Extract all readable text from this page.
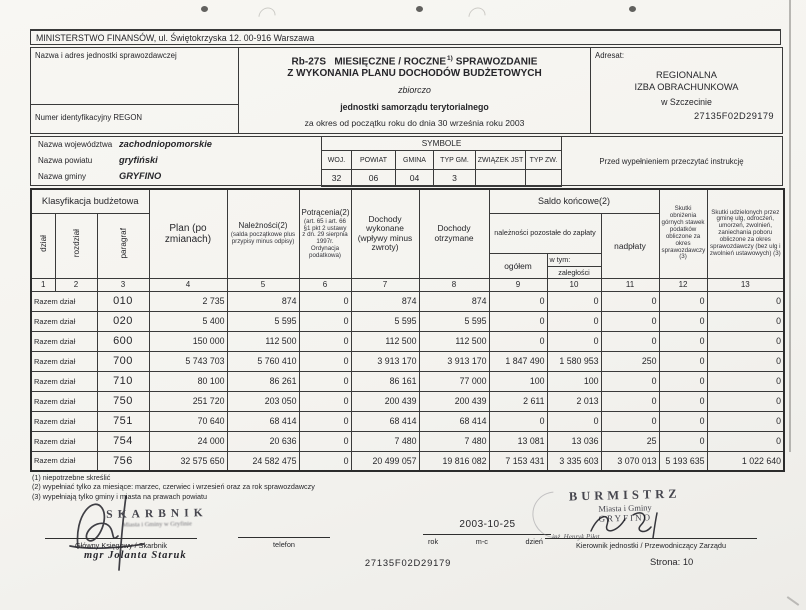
MINISTERSTWO FINANSÓW, ul. Świętokrzyska 12. 00-916 Warszawa
Nazwa i adres jednostki sprawozdawczej
Numer identyfikacyjny REGON
Rb-27S   MIESIĘCZNE / ROCZNE$^{1)}$ SPRAWOZDANIE
Z WYKONANIA PLANU DOCHODÓW BUDŻETOWYCH
zbiorczo
jednostki samorządu terytorialnego
za okres od początku roku do dnia 30 września roku 2003
Adresat:
REGIONALNA
IZBA OBRACHUNKOWA
w Szczecinie
27135F02D29179
Nazwa województwa zachodniopomorskie
Nazwa powiatu	gryfiński
Nazwa gminy	GRYFINO
SYMBOLE					
WOJ.	POWIAT	GMINA	TYP GM.	ZWIĄZEK JST	TYP ZW.
32	06	04	3		
Przed wypełnieniem przeczytać instrukcję
Klasyfikacja budżetowa	Plan (po zmianach)	
Należności(2)
(salda początkowe plus przypisy minus odpisy)

Potrącenia(2)
(art. 65 i art. 66 §1 pkt 2 ustawy z dn. 29 sierpnia 1997r. Ordynacja podatkowa)
	Dochody wykonane (wpływy minus zwroty)	Dochody otrzymane	Saldo końcowe(2)	Skutki obniżenia górnych stawek podatków obliczone za okres sprawozdawczy (3)	Skutki udzielonych przez gminę ulg, odroczeń, umorzeń, zwolnień, zaniechania poboru obliczone za okres sprawozdawczy (bez ulg i zwolnień ustawowych) (3)
dział	rozdział	paragraf						należności pozostałe do zapłaty		nadpłaty		
								ogółem	w tym:			
									zaległości			
1	2	3	4	5	6	7	8	9	10	11	12	13
Razem dział		010	2 735	874	0	874	874	0	0	0	0	0
Razem dział		020	5 400	5 595	0	5 595	5 595	0	0	0	0	0
Razem dział		600	150 000	112 500	0	112 500	112 500	0	0	0	0	0
Razem dział		700	5 743 703	5 760 410	0	3 913 170	3 913 170	1 847 490	1 580 953	250	0	0
Razem dział		710	80 100	86 261	0	86 161	77 000	100	100	0	0	0
Razem dział		750	251 720	203 050	0	200 439	200 439	2 611	2 013	0	0	0
Razem dział		751	70 640	68 414	0	68 414	68 414	0	0	0	0	0
Razem dział		754	24 000	20 636	0	7 480	7 480	13 081	13 036	25	0	0
Razem dział		756	32 575 650	24 582 475	0	20 499 057	19 816 082	7 153 431	3 335 603	3 070 013	5 193 635	1 022 640
(1) niepotrzebne skreślić
(2) wypełniać tylko za miesiące: marzec, czerwiec i wrzesień oraz za rok sprawozdawczy
(3) wypełniają tylko gminy i miasta na prawach powiatu
SKARBNIK
Miasta i Gminy w Gryfinie
Główny Księgowy / Skarbnik
mgr Jolanta Staruk
telefon
2003-10-25
rok	m-c	dzień
BURMISTRZ
Miasta i Gminy
GRYFINO
inż. Henryk Piłat
Kierownik jednostki / Przewodniczący Zarządu
27135F02D29179	Strona: 10
